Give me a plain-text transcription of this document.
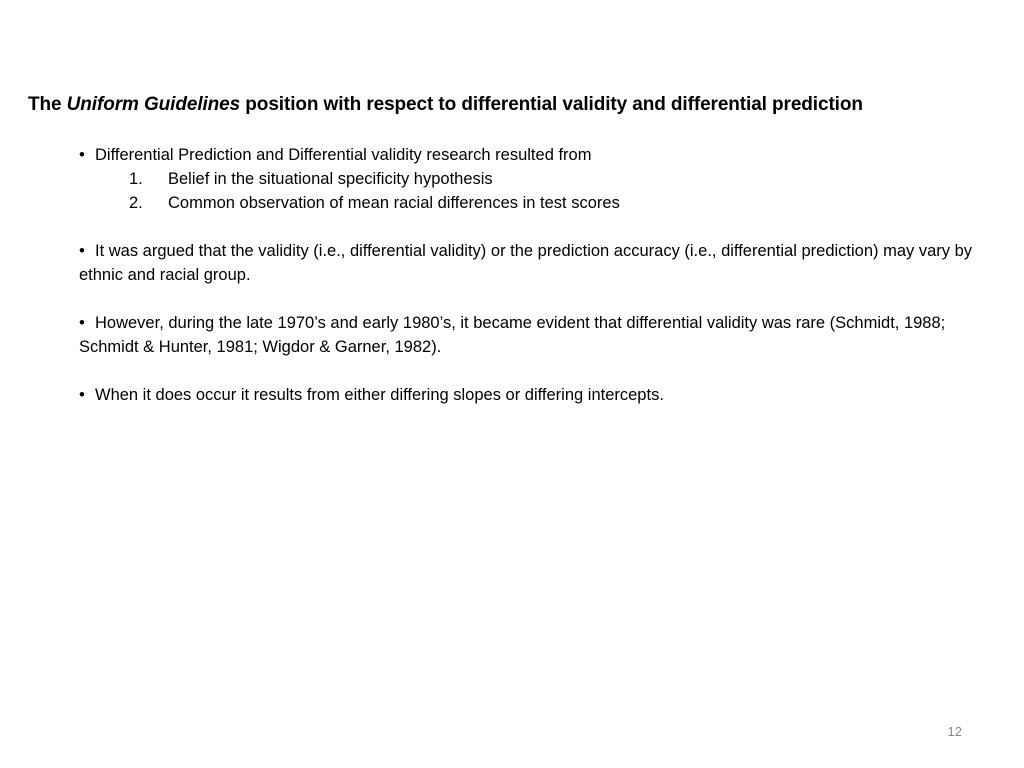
The Uniform Guidelines position with respect to differential validity and differential prediction

• Differential Prediction and Differential validity research resulted from

1. Belief in the situational specificity hypothesis
2. Common observation of mean racial differences in test scores

• It was argued that the validity (i.e., differential validity) or the prediction accuracy (i.e., differential prediction) may vary by ethnic and racial group.

• However, during the late 1970’s and early 1980’s, it became evident that differential validity was rare (Schmidt, 1988; Schmidt & Hunter, 1981; Wigdor & Garner, 1982).

• When it does occur it results from either differing slopes or differing intercepts.

12
